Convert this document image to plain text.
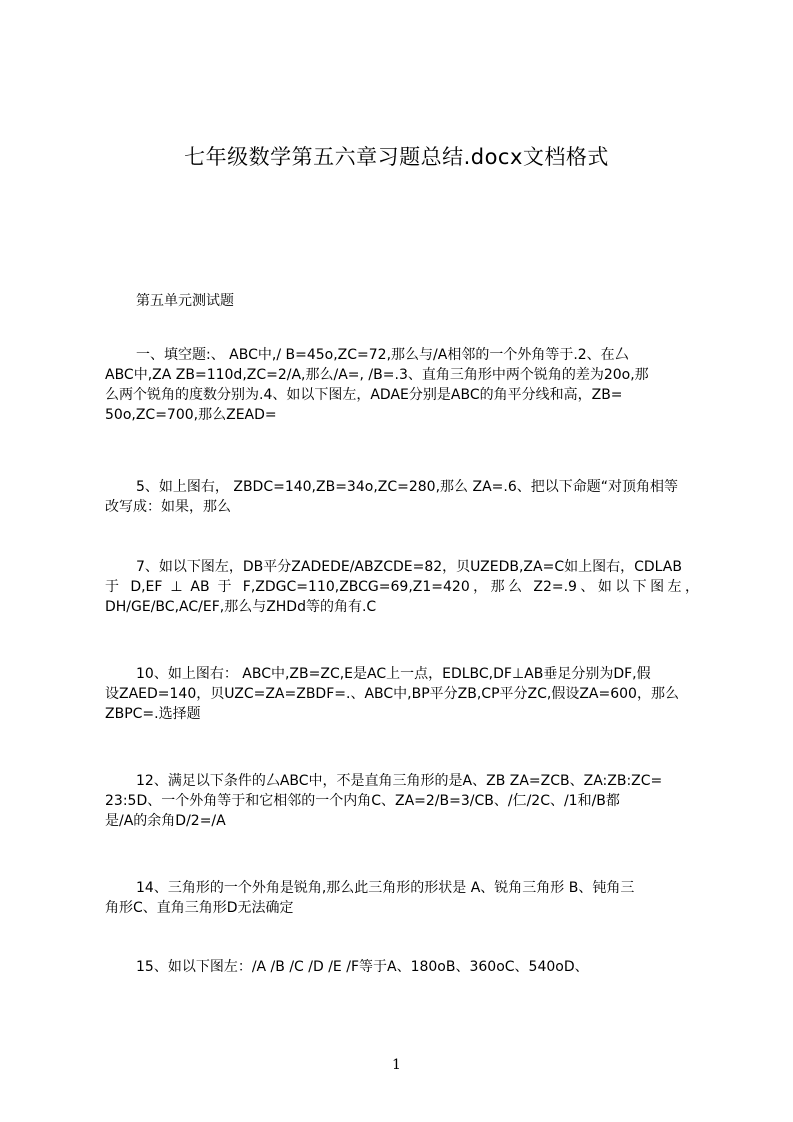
七年级数学第五六章习题总结.docx文档格式

第五单元测试题

一、填空题:、 ABC中,/ B=45o,ZC=72,那么与/A相邻的一个外角等于.2、在厶
ABC中,ZA ZB=110d,ZC=2/A,那么/A=, /B=.3、直角三角形中两个锐角的差为20o,那
么两个锐角的度数分别为.4、如以下图左，ADAE分别是ABC的角平分线和高，ZB=
50o,ZC=700,那么ZEAD=

5、如上图右， ZBDC=140,ZB=34o,ZC=280,那么 ZA=.6、把以下命题“对顶角相等
改写成：如果，那么

7、如以下图左，DB平分ZADEDE/ABZCDE=82，贝UZEDB,ZA=C如上图右，CDLAB
于 D,EF ⊥ AB 于 F,ZDGC=110,ZBCG=69,Z1=420，那么 Z2=.9、如以下图左，
DH/GE/BC,AC/EF,那么与ZHDd等的角有.C

10、如上图右： ABC中,ZB=ZC,E是AC上一点，EDLBC,DF⊥AB垂足分别为DF,假
设ZAED=140，贝UZC=ZA=ZBDF=.、ABC中,BP平分ZB,CP平分ZC,假设ZA=600，那么
ZBPC=.选择题

12、满足以下条件的厶ABC中，不是直角三角形的是A、ZB ZA=ZCB、ZA:ZB:ZC=
23:5D、一个外角等于和它相邻的一个内角C、ZA=2/B=3/CB、/仁/2C、/1和/B都
是/A的余角D/2=/A

14、三角形的一个外角是锐角,那么此三角形的形状是 A、锐角三角形 B、钝角三
角形C、直角三角形D无法确定

15、如以下图左：/A /B /C /D /E /F等于A、180oB、360oC、540oD、

1
